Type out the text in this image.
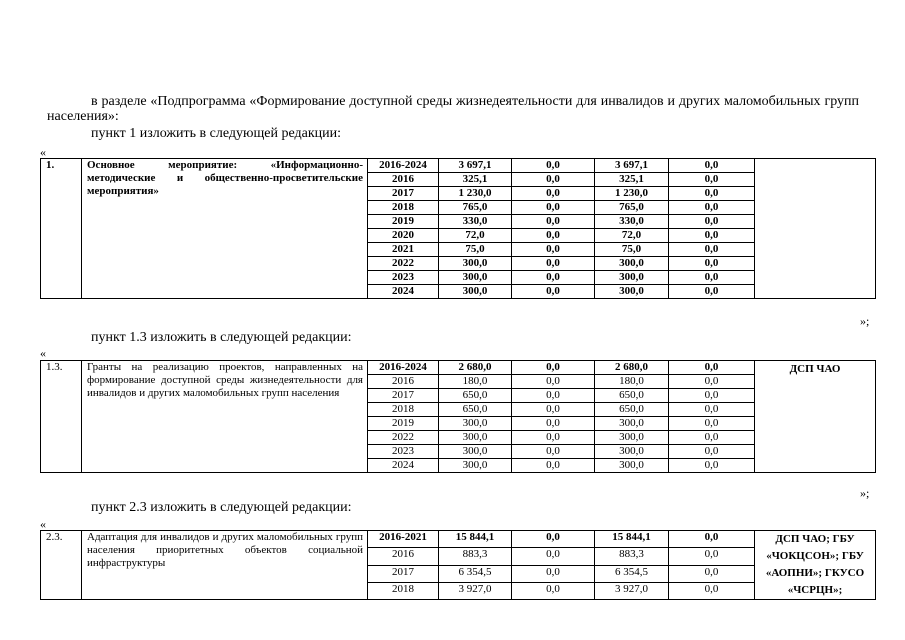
в разделе «Подпрограмма «Формирование доступной среды жизнедеятельности для инвалидов и других маломобильных групп населения»:
пункт 1 изложить в следующей редакции:
«
1.	Основное мероприятие: «Информационно-методические и общественно-просветительские мероприятия»	2016-2024	3 697,1	0,0	3 697,1	0,0	
		2016	325,1	0,0	325,1	0,0	
		2017	1 230,0	0,0	1 230,0	0,0	
		2018	765,0	0,0	765,0	0,0	
		2019	330,0	0,0	330,0	0,0	
		2020	72,0	0,0	72,0	0,0	
		2021	75,0	0,0	75,0	0,0	
		2022	300,0	0,0	300,0	0,0	
		2023	300,0	0,0	300,0	0,0	
		2024	300,0	0,0	300,0	0,0	
»;
пункт 1.3 изложить в следующей редакции:
«
1.3.	Гранты на реализацию проектов, направленных на формирование доступной среды жизнедеятельности для инвалидов и других маломобильных групп населения	2016-2024	2 680,0	0,0	2 680,0	0,0	ДСП ЧАО
		2016	180,0	0,0	180,0	0,0	
		2017	650,0	0,0	650,0	0,0	
		2018	650,0	0,0	650,0	0,0	
		2019	300,0	0,0	300,0	0,0	
		2022	300,0	0,0	300,0	0,0	
		2023	300,0	0,0	300,0	0,0	
		2024	300,0	0,0	300,0	0,0	
»;
пункт 2.3 изложить в следующей редакции:
«
2.3.	Адаптация для инвалидов и других маломобильных групп населения приоритетных объектов социальной инфраструктуры	2016-2021	15 844,1	0,0	15 844,1	0,0	ДСП ЧАО; ГБУ «ЧОКЦСОН»; ГБУ «АОПНИ»; ГКУСО «ЧСРЦН»;
		2016	883,3	0,0	883,3	0,0	
		2017	6 354,5	0,0	6 354,5	0,0	
		2018	3 927,0	0,0	3 927,0	0,0	
